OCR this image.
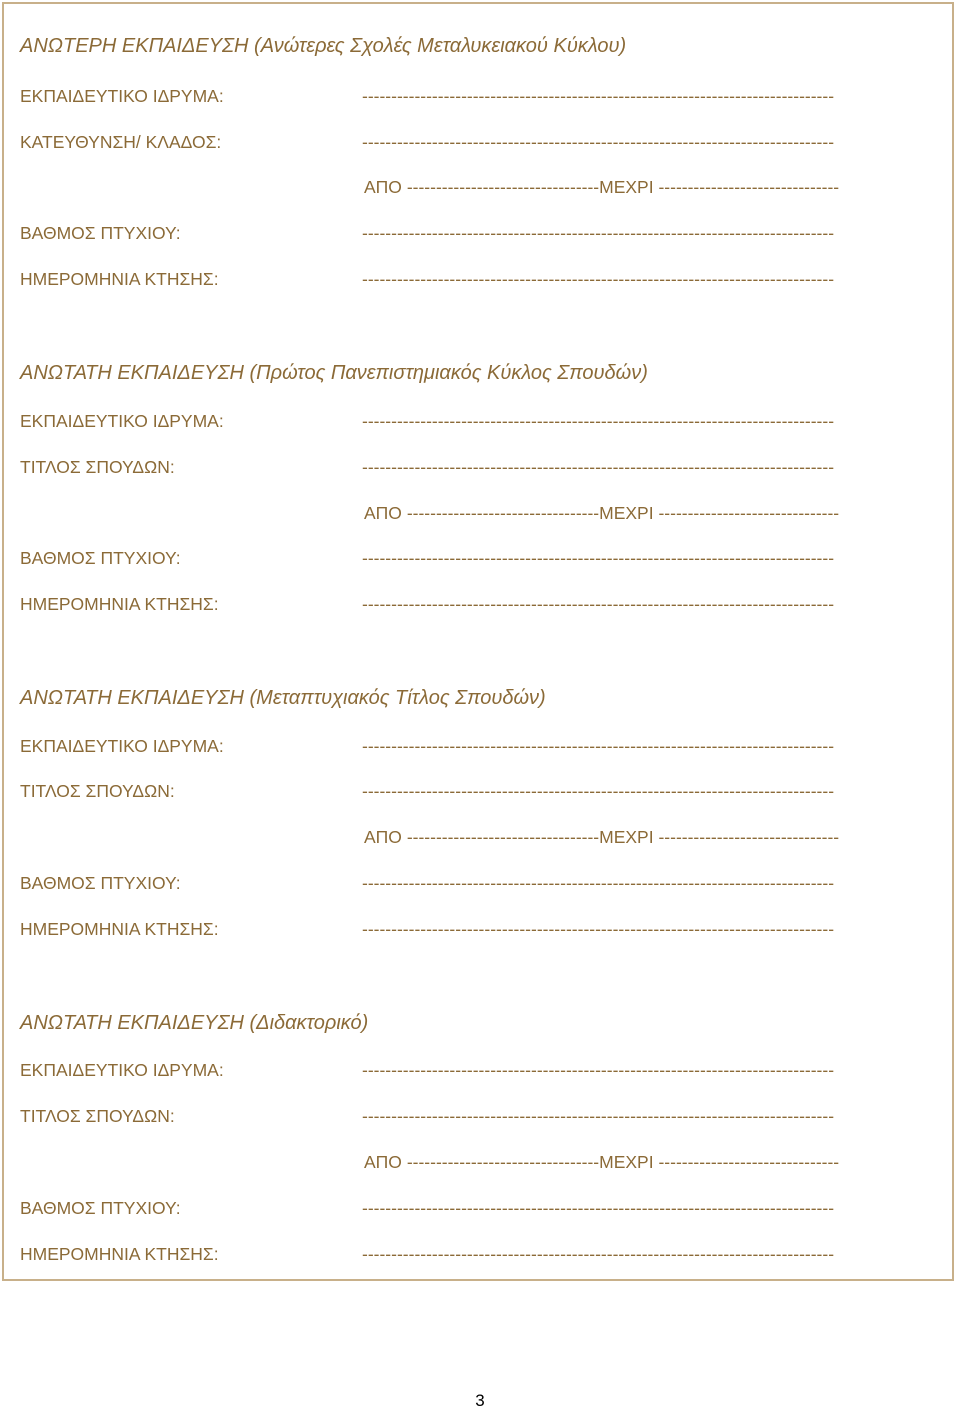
ΑΝΩΤΕΡΗ ΕΚΠΑΙΔΕΥΣΗ (Ανώτερες Σχολές Μεταλυκειακού Κύκλου)
ΕΚΠΑΙΔΕΥΤΙΚΟ ΙΔΡΥΜΑ:	---------------------------------------------------------------------------------
ΚΑΤΕΥΘΥΝΣΗ/ ΚΛΑΔΟΣ:	---------------------------------------------------------------------------------
ΑΠΟ ---------------------------------ΜΕΧΡΙ -------------------------------
ΒΑΘΜΟΣ ΠΤΥΧΙΟΥ:	---------------------------------------------------------------------------------
ΗΜΕΡΟΜΗΝΙΑ ΚΤΗΣΗΣ:	---------------------------------------------------------------------------------
ΑΝΩΤΑΤΗ ΕΚΠΑΙΔΕΥΣΗ (Πρώτος Πανεπιστημιακός Κύκλος Σπουδών)
ΕΚΠΑΙΔΕΥΤΙΚΟ ΙΔΡΥΜΑ:	---------------------------------------------------------------------------------
ΤΙΤΛΟΣ ΣΠΟΥΔΩΝ:	---------------------------------------------------------------------------------
ΑΠΟ ---------------------------------ΜΕΧΡΙ -------------------------------
ΒΑΘΜΟΣ ΠΤΥΧΙΟΥ:	---------------------------------------------------------------------------------
ΗΜΕΡΟΜΗΝΙΑ ΚΤΗΣΗΣ:	---------------------------------------------------------------------------------
ΑΝΩΤΑΤΗ ΕΚΠΑΙΔΕΥΣΗ (Μεταπτυχιακός Τίτλος Σπουδών)
ΕΚΠΑΙΔΕΥΤΙΚΟ ΙΔΡΥΜΑ:	---------------------------------------------------------------------------------
ΤΙΤΛΟΣ ΣΠΟΥΔΩΝ:	---------------------------------------------------------------------------------
ΑΠΟ ---------------------------------ΜΕΧΡΙ -------------------------------
ΒΑΘΜΟΣ ΠΤΥΧΙΟΥ:	---------------------------------------------------------------------------------
ΗΜΕΡΟΜΗΝΙΑ ΚΤΗΣΗΣ:	---------------------------------------------------------------------------------
ΑΝΩΤΑΤΗ ΕΚΠΑΙΔΕΥΣΗ (Διδακτορικό)
ΕΚΠΑΙΔΕΥΤΙΚΟ ΙΔΡΥΜΑ:	---------------------------------------------------------------------------------
ΤΙΤΛΟΣ ΣΠΟΥΔΩΝ:	---------------------------------------------------------------------------------
ΑΠΟ ---------------------------------ΜΕΧΡΙ -------------------------------
ΒΑΘΜΟΣ ΠΤΥΧΙΟΥ:	---------------------------------------------------------------------------------
ΗΜΕΡΟΜΗΝΙΑ ΚΤΗΣΗΣ:	---------------------------------------------------------------------------------
3
